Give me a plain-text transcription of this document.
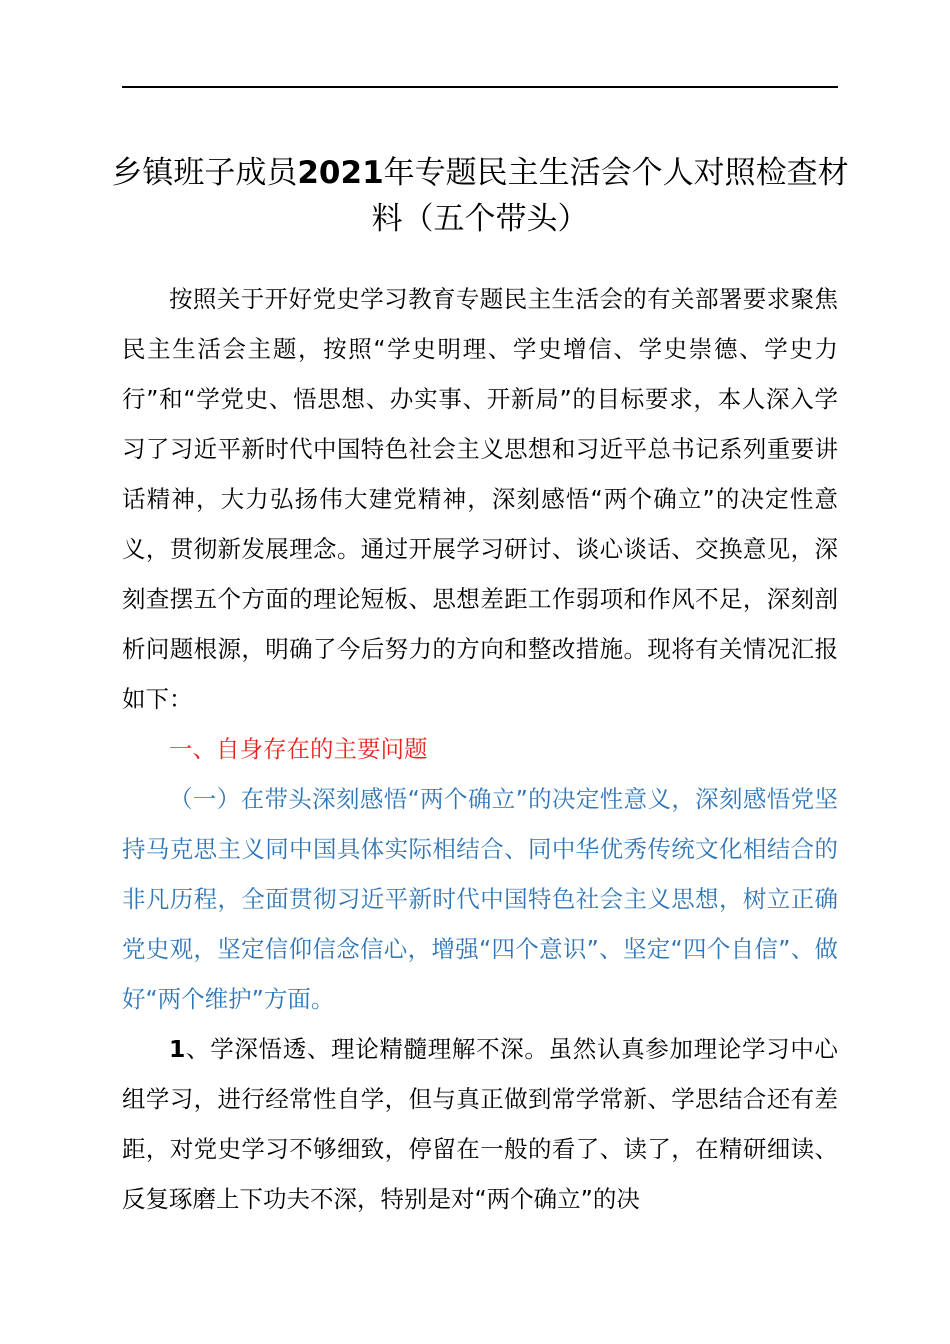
乡镇班子成员2021年专题民主生活会个人对照检查材料（五个带头）

按照关于开好党史学习教育专题民主生活会的有关部署要求聚焦民主生活会主题，按照“学史明理、学史增信、学史崇德、学史力行”和“学党史、悟思想、办实事、开新局”的目标要求，本人深入学习了习近平新时代中国特色社会主义思想和习近平总书记系列重要讲话精神，大力弘扬伟大建党精神，深刻感悟“两个确立”的决定性意义，贯彻新发展理念。通过开展学习研讨、谈心谈话、交换意见，深刻查摆五个方面的理论短板、思想差距工作弱项和作风不足，深刻剖析问题根源，明确了今后努力的方向和整改措施。现将有关情况汇报如下：

一、自身存在的主要问题

（一）在带头深刻感悟“两个确立”的决定性意义，深刻感悟党坚持马克思主义同中国具体实际相结合、同中华优秀传统文化相结合的非凡历程，全面贯彻习近平新时代中国特色社会主义思想，树立正确党史观，坚定信仰信念信心，增强“四个意识”、坚定“四个自信”、做好“两个维护”方面。

1、学深悟透、理论精髓理解不深。虽然认真参加理论学习中心组学习，进行经常性自学，但与真正做到常学常新、学思结合还有差距，对党史学习不够细致，停留在一般的看了、读了，在精研细读、反复琢磨上下功夫不深，特别是对“两个确立”的决
